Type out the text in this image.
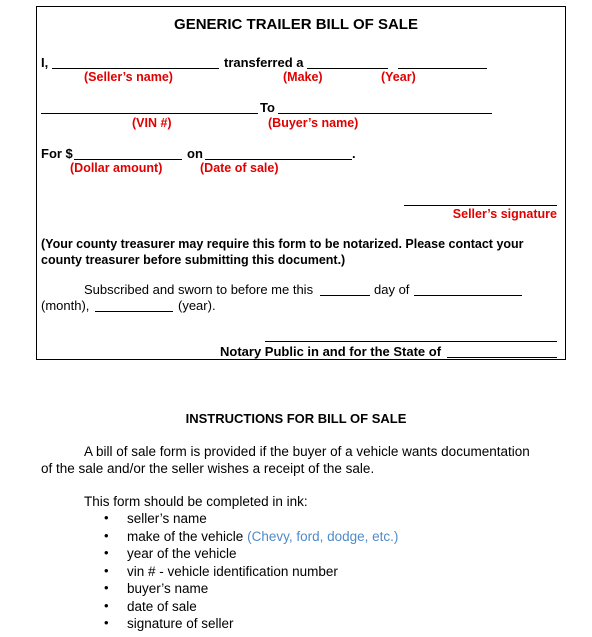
GENERIC TRAILER BILL OF SALE
I,	transferred a
(Seller’s name)	(Make)	(Year)
To
(VIN #)	(Buyer’s name)
For $	on	.
(Dollar amount)	(Date of sale)
Seller’s signature
(Your county treasurer may require this form to be notarized. Please contact your
county treasurer before submitting this document.)
Subscribed and sworn to before me this	day of
(month),	(year).
Notary Public in and for the State of
INSTRUCTIONS FOR BILL OF SALE
A bill of sale form is provided if the buyer of a vehicle wants documentation
of the sale and/or the seller wishes a receipt of the sale.
This form should be completed in ink:
• seller’s name
• make of the vehicle (Chevy, ford, dodge, etc.)
• year of the vehicle
• vin # - vehicle identification number
• buyer’s name
• date of sale
• signature of seller
